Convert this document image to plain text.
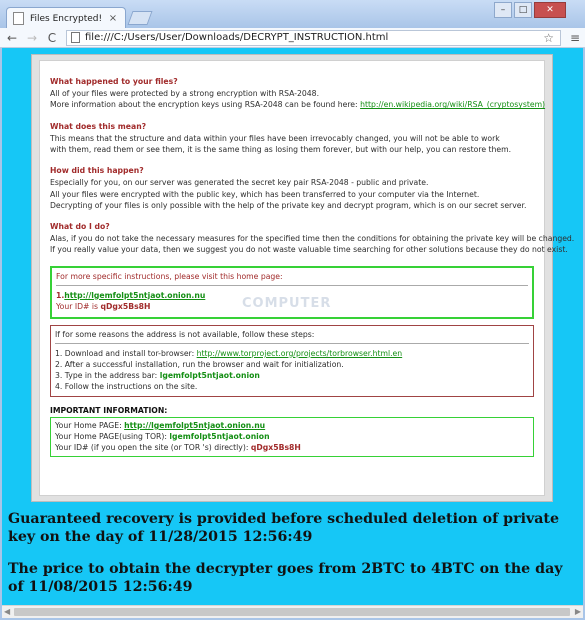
Files Encrypted! ×
–	□	✕
← → C	file:///C:/Users/User/Downloads/DECRYPT_INSTRUCTION.html	☆ ≡

What happened to your files?

All of your files were protected by a strong encryption with RSA-2048.

More information about the encryption keys using RSA-2048 can be found here: http://en.wikipedia.org/wiki/RSA_(cryptosystem)

What does this mean?

This means that the structure and data within your files have been irrevocably changed, you will not be able to work

with them, read them or see them, it is the same thing as losing them forever, but with our help, you can restore them.

How did this happen?

Especially for you, on our server was generated the secret key pair RSA-2048 - public and private.

All your files were encrypted with the public key, which has been transferred to your computer via the Internet.

Decrypting of your files is only possible with the help of the private key and decrypt program, which is on our secret server.

What do I do?

Alas, if you do not take the necessary measures for the specified time then the conditions for obtaining the private key will be changed.

If you really value your data, then we suggest you do not waste valuable time searching for other solutions because they do not exist.

For more specific instructions, please visit this home page:

1.http://lgemfolpt5ntjaot.onion.nu

Your ID# is qDgx5Bs8H

If for some reasons the address is not available, follow these steps:

1. Download and install tor-browser: http://www.torproject.org/projects/torbrowser.html.en

2. After a successful installation, run the browser and wait for initialization.

3. Type in the address bar: lgemfolpt5ntjaot.onion

4. Follow the instructions on the site.

IMPORTANT INFORMATION:

Your Home PAGE: http://lgemfolpt5ntjaot.onion.nu

Your Home PAGE(using TOR): lgemfolpt5ntjaot.onion

Your ID# (if you open the site (or TOR 's) directly): qDgx5Bs8H

COMPUTER

Guaranteed recovery is provided before scheduled deletion of private key on the day of 11/28/2015 12:56:49

The price to obtain the decrypter goes from 2BTC to 4BTC on the day of 11/08/2015 12:56:49

◀	▶
